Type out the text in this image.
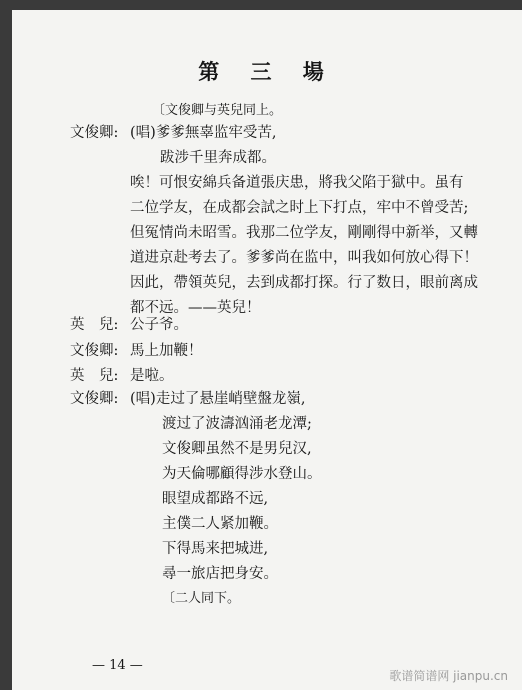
第 三 場
〔文俊卿与英兒同上。
文俊卿: (唱)爹爹無辜监牢受苦,
跋涉千里奔成都。
唉！可恨安綿兵备道張庆患，將我父陷于獄中。虽有
二位学友，在成都会試之时上下打点，牢中不曾受苦;
但冤情尚未昭雪。我那二位学友，剛剛得中新举，又轉
道进京赴考去了。爹爹尚在监中，叫我如何放心得下！
因此，帶領英兒，去到成都打探。行了数日，眼前离成
都不远。——英兒！
英　兒: 公子爷。
文俊卿: 馬上加鞭！
英　兒: 是啦。
文俊卿: (唱)走过了悬崖峭壁盤龙嶺,
渡过了波濤汹涌老龙潭;
文俊卿虽然不是男兒汉,
为天倫哪顧得涉水登山。
眼望成都路不远,
主僕二人紧加鞭。
下得馬来把城进,
尋一旅店把身安。
〔二人同下。
— 14 —
歌谱简谱网 jianpu.cn
